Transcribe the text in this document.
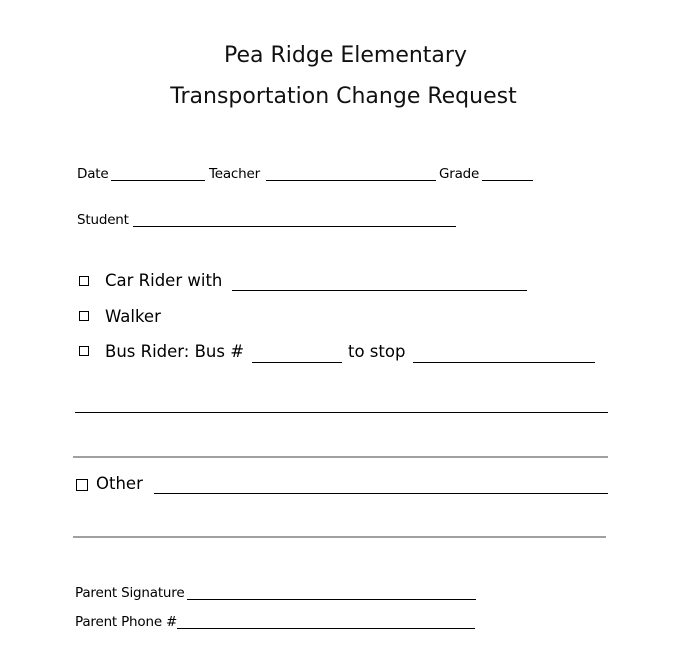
Pea Ridge Elementary
Transportation Change Request
Date	Teacher	Grade
Student
Car Rider with
Walker
Bus Rider: Bus #	to stop
Other
Parent Signature
Parent Phone #
